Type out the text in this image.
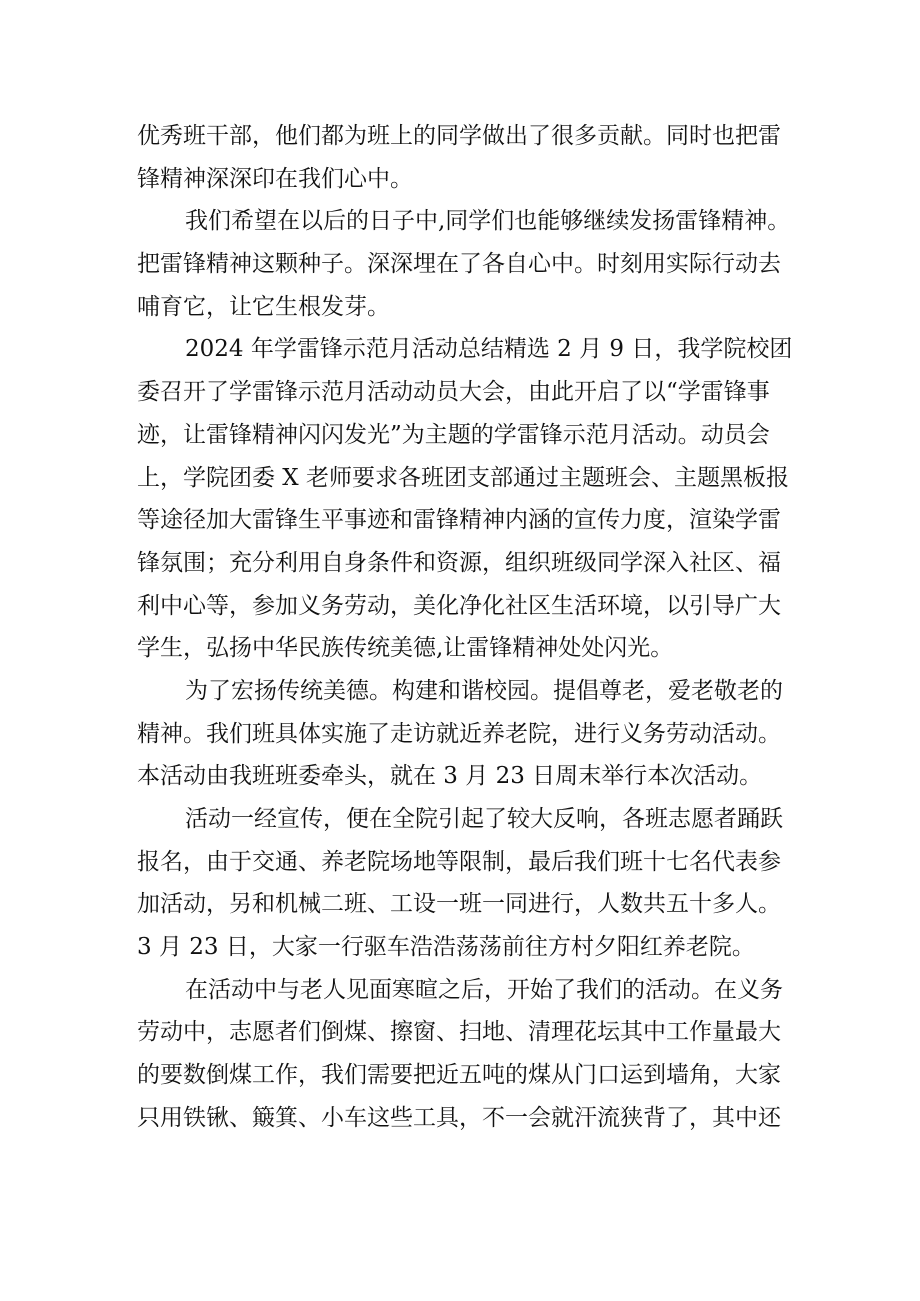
优秀班干部，他们都为班上的同学做出了很多贡献。同时也把雷
锋精神深深印在我们心中。
我们希望在以后的日子中,同学们也能够继续发扬雷锋精神。
把雷锋精神这颗种子。深深埋在了各自心中。时刻用实际行动去
哺育它，让它生根发芽。
2024 年学雷锋示范月活动总结精选 2 月 9 日，我学院校团
委召开了学雷锋示范月活动动员大会，由此开启了以“学雷锋事
迹，让雷锋精神闪闪发光”为主题的学雷锋示范月活动。动员会
上，学院团委 X 老师要求各班团支部通过主题班会、主题黑板报
等途径加大雷锋生平事迹和雷锋精神内涵的宣传力度，渲染学雷
锋氛围；充分利用自身条件和资源，组织班级同学深入社区、福
利中心等，参加义务劳动，美化净化社区生活环境，以引导广大
学生，弘扬中华民族传统美德,让雷锋精神处处闪光。
为了宏扬传统美德。构建和谐校园。提倡尊老，爱老敬老的
精神。我们班具体实施了走访就近养老院，进行义务劳动活动。
本活动由我班班委牵头，就在 3 月 23 日周末举行本次活动。
活动一经宣传，便在全院引起了较大反响，各班志愿者踊跃
报名，由于交通、养老院场地等限制，最后我们班十七名代表参
加活动，另和机械二班、工设一班一同进行，人数共五十多人。
3 月 23 日，大家一行驱车浩浩荡荡前往方村夕阳红养老院。
在活动中与老人见面寒暄之后，开始了我们的活动。在义务
劳动中，志愿者们倒煤、擦窗、扫地、清理花坛其中工作量最大
的要数倒煤工作，我们需要把近五吨的煤从门口运到墙角，大家
只用铁锹、簸箕、小车这些工具，不一会就汗流狭背了，其中还
